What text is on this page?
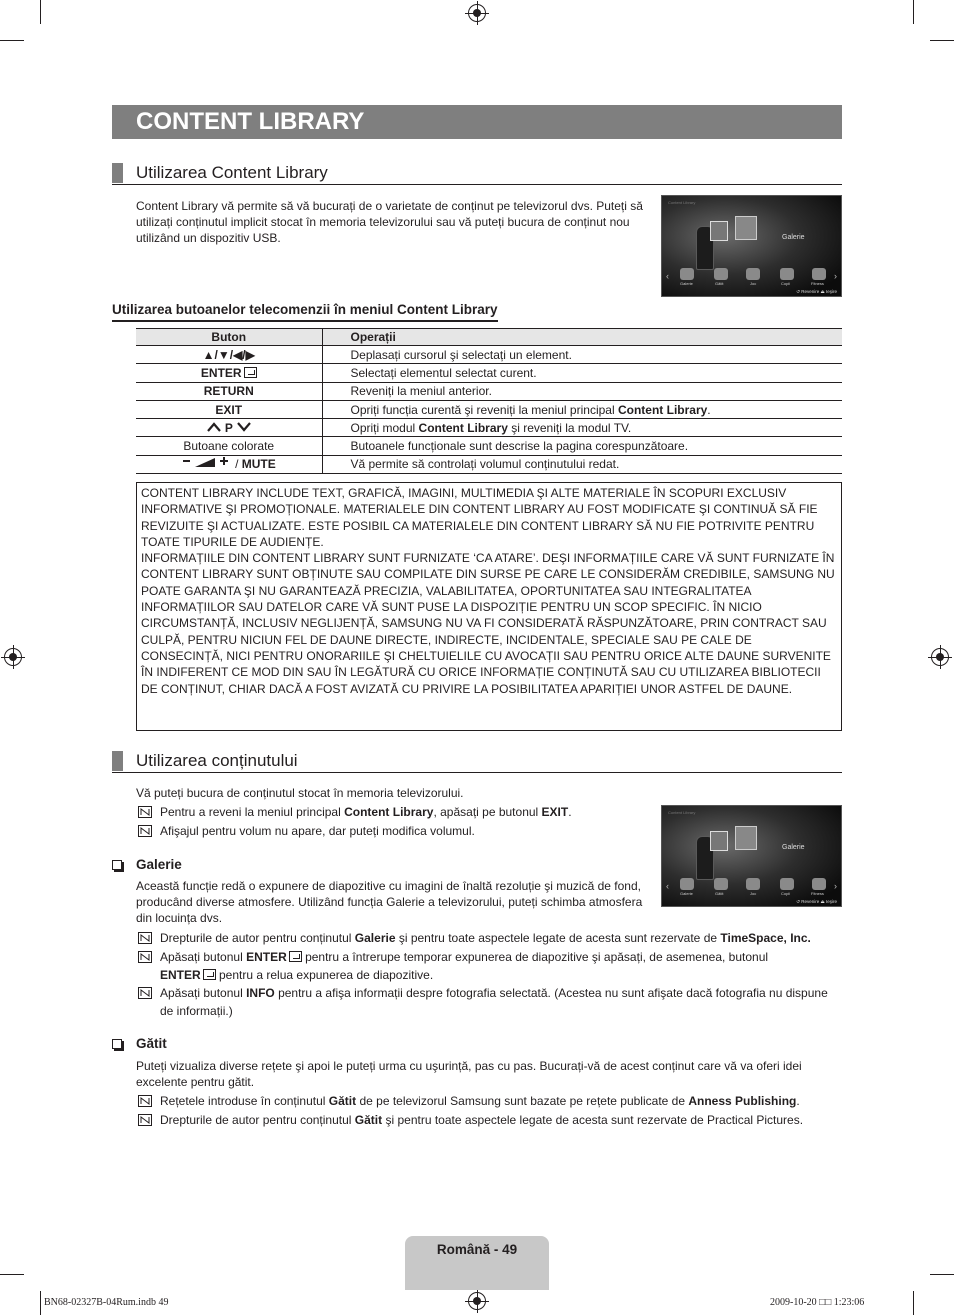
CONTENT LIBRARY
Utilizarea Content Library
Content Library vă permite să vă bucurați de o varietate de conținut pe televizorul dvs. Puteți să utilizați conținutul implicit stocat în memoria televizorului sau vă puteți bucura de conținut nou utilizând un dispozitiv USB.
Content Library
Galerie
‹	›
Galerie	Gătit	Joc	Copii	Fitness
↺ Revenire ⏏ Ieşire
Utilizarea butoanelor telecomenzii în meniul Content Library
Buton	Operații
▲/▼/◀/▶	Deplasați cursorul şi selectați un element.
ENTER	Selectați elementul selectat curent.
RETURN	Reveniți la meniul anterior.
EXIT	Opriți funcția curentă şi reveniți la meniul principal Content Library.
P	Opriți modul Content Library şi reveniți la modul TV.
Butoane colorate	Butoanele funcționale sunt descrise la pagina corespunzătoare.
/ MUTE	Vă permite să controlați volumul conținutului redat.

CONTENT LIBRARY INCLUDE TEXT, GRAFICĂ, IMAGINI, MULTIMEDIA ŞI ALTE MATERIALE ÎN SCOPURI EXCLUSIV INFORMATIVE ŞI PROMOȚIONALE. MATERIALELE DIN CONTENT LIBRARY AU FOST MODIFICATE ŞI CONTINUĂ SĂ FIE REVIZUITE ŞI ACTUALIZATE. ESTE POSIBIL CA MATERIALELE DIN CONTENT LIBRARY SĂ NU FIE POTRIVITE PENTRU TOATE TIPURILE DE AUDIENȚE.

INFORMAȚIILE DIN CONTENT LIBRARY SUNT FURNIZATE ‘CA ATARE’. DEŞI INFORMAȚIILE CARE VĂ SUNT FURNIZATE ÎN CONTENT LIBRARY SUNT OBȚINUTE SAU COMPILATE DIN SURSE PE CARE LE CONSIDERĂM CREDIBILE, SAMSUNG NU POATE GARANTA ŞI NU GARANTEAZĂ PRECIZIA, VALABILITATEA, OPORTUNITATEA SAU INTEGRALITATEA

INFORMAȚIILOR SAU DATELOR CARE VĂ SUNT PUSE LA DISPOZIȚIE PENTRU UN SCOP SPECIFIC. ÎN NICIO CIRCUMSTANȚĂ, INCLUSIV NEGLIJENȚĂ, SAMSUNG NU VA FI CONSIDERATĂ RĂSPUNZĂTOARE, PRIN CONTRACT SAU CULPĂ, PENTRU NICIUN FEL DE DAUNE DIRECTE, INDIRECTE, INCIDENTALE, SPECIALE SAU PE CALE DE CONSECINȚĂ, NICI PENTRU ONORARIILE ŞI CHELTUIELILE CU AVOCAȚII SAU PENTRU ORICE ALTE DAUNE SURVENITE ÎN INDIFERENT CE MOD DIN SAU ÎN LEGĂTURĂ CU ORICE INFORMAȚIE CONȚINUTĂ SAU CU UTILIZAREA BIBLIOTECII DE CONȚINUT, CHIAR DACĂ A FOST AVIZATĂ CU PRIVIRE LA POSIBILITATEA APARIȚIEI UNOR ASTFEL DE DAUNE.

Utilizarea conținutului
Vă puteți bucura de conținutul stocat în memoria televizorului.
Pentru a reveni la meniul principal Content Library, apăsați pe butonul EXIT.
Afişajul pentru volum nu apare, dar puteți modifica volumul.
Content Library
Galerie
‹	›
Galerie	Gătit	Joc	Copii	Fitness
↺ Revenire ⏏ Ieşire
Galerie
Această funcție redă o expunere de diapozitive cu imagini de înaltă rezoluție şi muzică de fond, producând diverse atmosfere. Utilizând funcția Galerie a televizorului, puteți schimba atmosfera din locuința dvs.
Drepturile de autor pentru conținutul Galerie şi pentru toate aspectele legate de acesta sunt rezervate de TimeSpace, Inc.
Apăsați butonul ENTER pentru a întrerupe temporar expunerea de diapozitive şi apăsați, de asemenea, butonul
ENTER pentru a relua expunerea de diapozitive.
Apăsați butonul INFO pentru a afişa informații despre fotografia selectată. (Acestea nu sunt afişate dacă fotografia nu dispune de informații.)
Gătit
Puteți vizualiza diverse rețete şi apoi le puteți urma cu uşurință, pas cu pas. Bucurați-vă de acest conținut care vă va oferi idei excelente pentru gătit.
Rețetele introduse în conținutul Gătit de pe televizorul Samsung sunt bazate pe rețete publicate de Anness Publishing.
Drepturile de autor pentru conținutul Gătit şi pentru toate aspectele legate de acesta sunt rezervate de Practical Pictures.
Română - 49
BN68-02327B-04Rum.indb 49	2009-10-20 □□ 1:23:06
